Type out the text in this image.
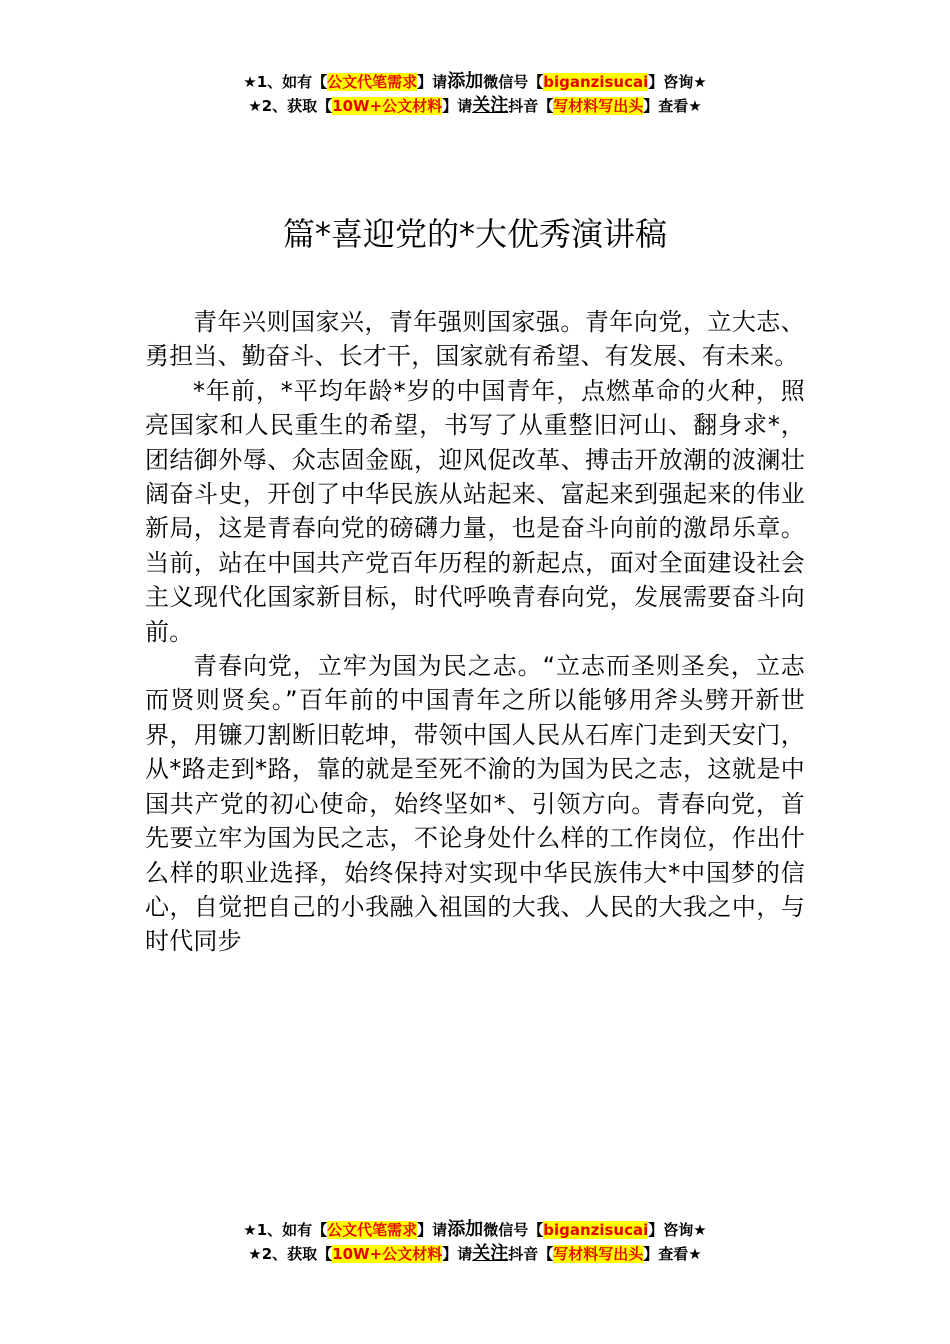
★1、如有【公文代笔需求】请添加微信号【biganzisucai】咨询★
★2、获取【10W+公文材料】请关注抖音【写材料写出头】查看★
篇*喜迎党的*大优秀演讲稿

青年兴则国家兴，青年强则国家强。青年向党，立大志、勇担当、勤奋斗、长才干，国家就有希望、有发展、有未来。

*年前，*平均年龄*岁的中国青年，点燃革命的火种，照亮国家和人民重生的希望，书写了从重整旧河山、翻身求*，团结御外辱、众志固金瓯，迎风促改革、搏击开放潮的波澜壮阔奋斗史，开创了中华民族从站起来、富起来到强起来的伟业新局，这是青春向党的磅礴力量，也是奋斗向前的激昂乐章。当前，站在中国共产党百年历程的新起点，面对全面建设社会主义现代化国家新目标，时代呼唤青春向党，发展需要奋斗向前。

青春向党，立牢为国为民之志。“立志而圣则圣矣，立志而贤则贤矣。”百年前的中国青年之所以能够用斧头劈开新世界，用镰刀割断旧乾坤，带领中国人民从石库门走到天安门，从*路走到*路，靠的就是至死不渝的为国为民之志，这就是中国共产党的初心使命，始终坚如*、引领方向。青春向党，首先要立牢为国为民之志，不论身处什么样的工作岗位，作出什么样的职业选择，始终保持对实现中华民族伟大*中国梦的信心，自觉把自己的小我融入祖国的大我、人民的大我之中，与时代同步

★1、如有【公文代笔需求】请添加微信号【biganzisucai】咨询★
★2、获取【10W+公文材料】请关注抖音【写材料写出头】查看★
